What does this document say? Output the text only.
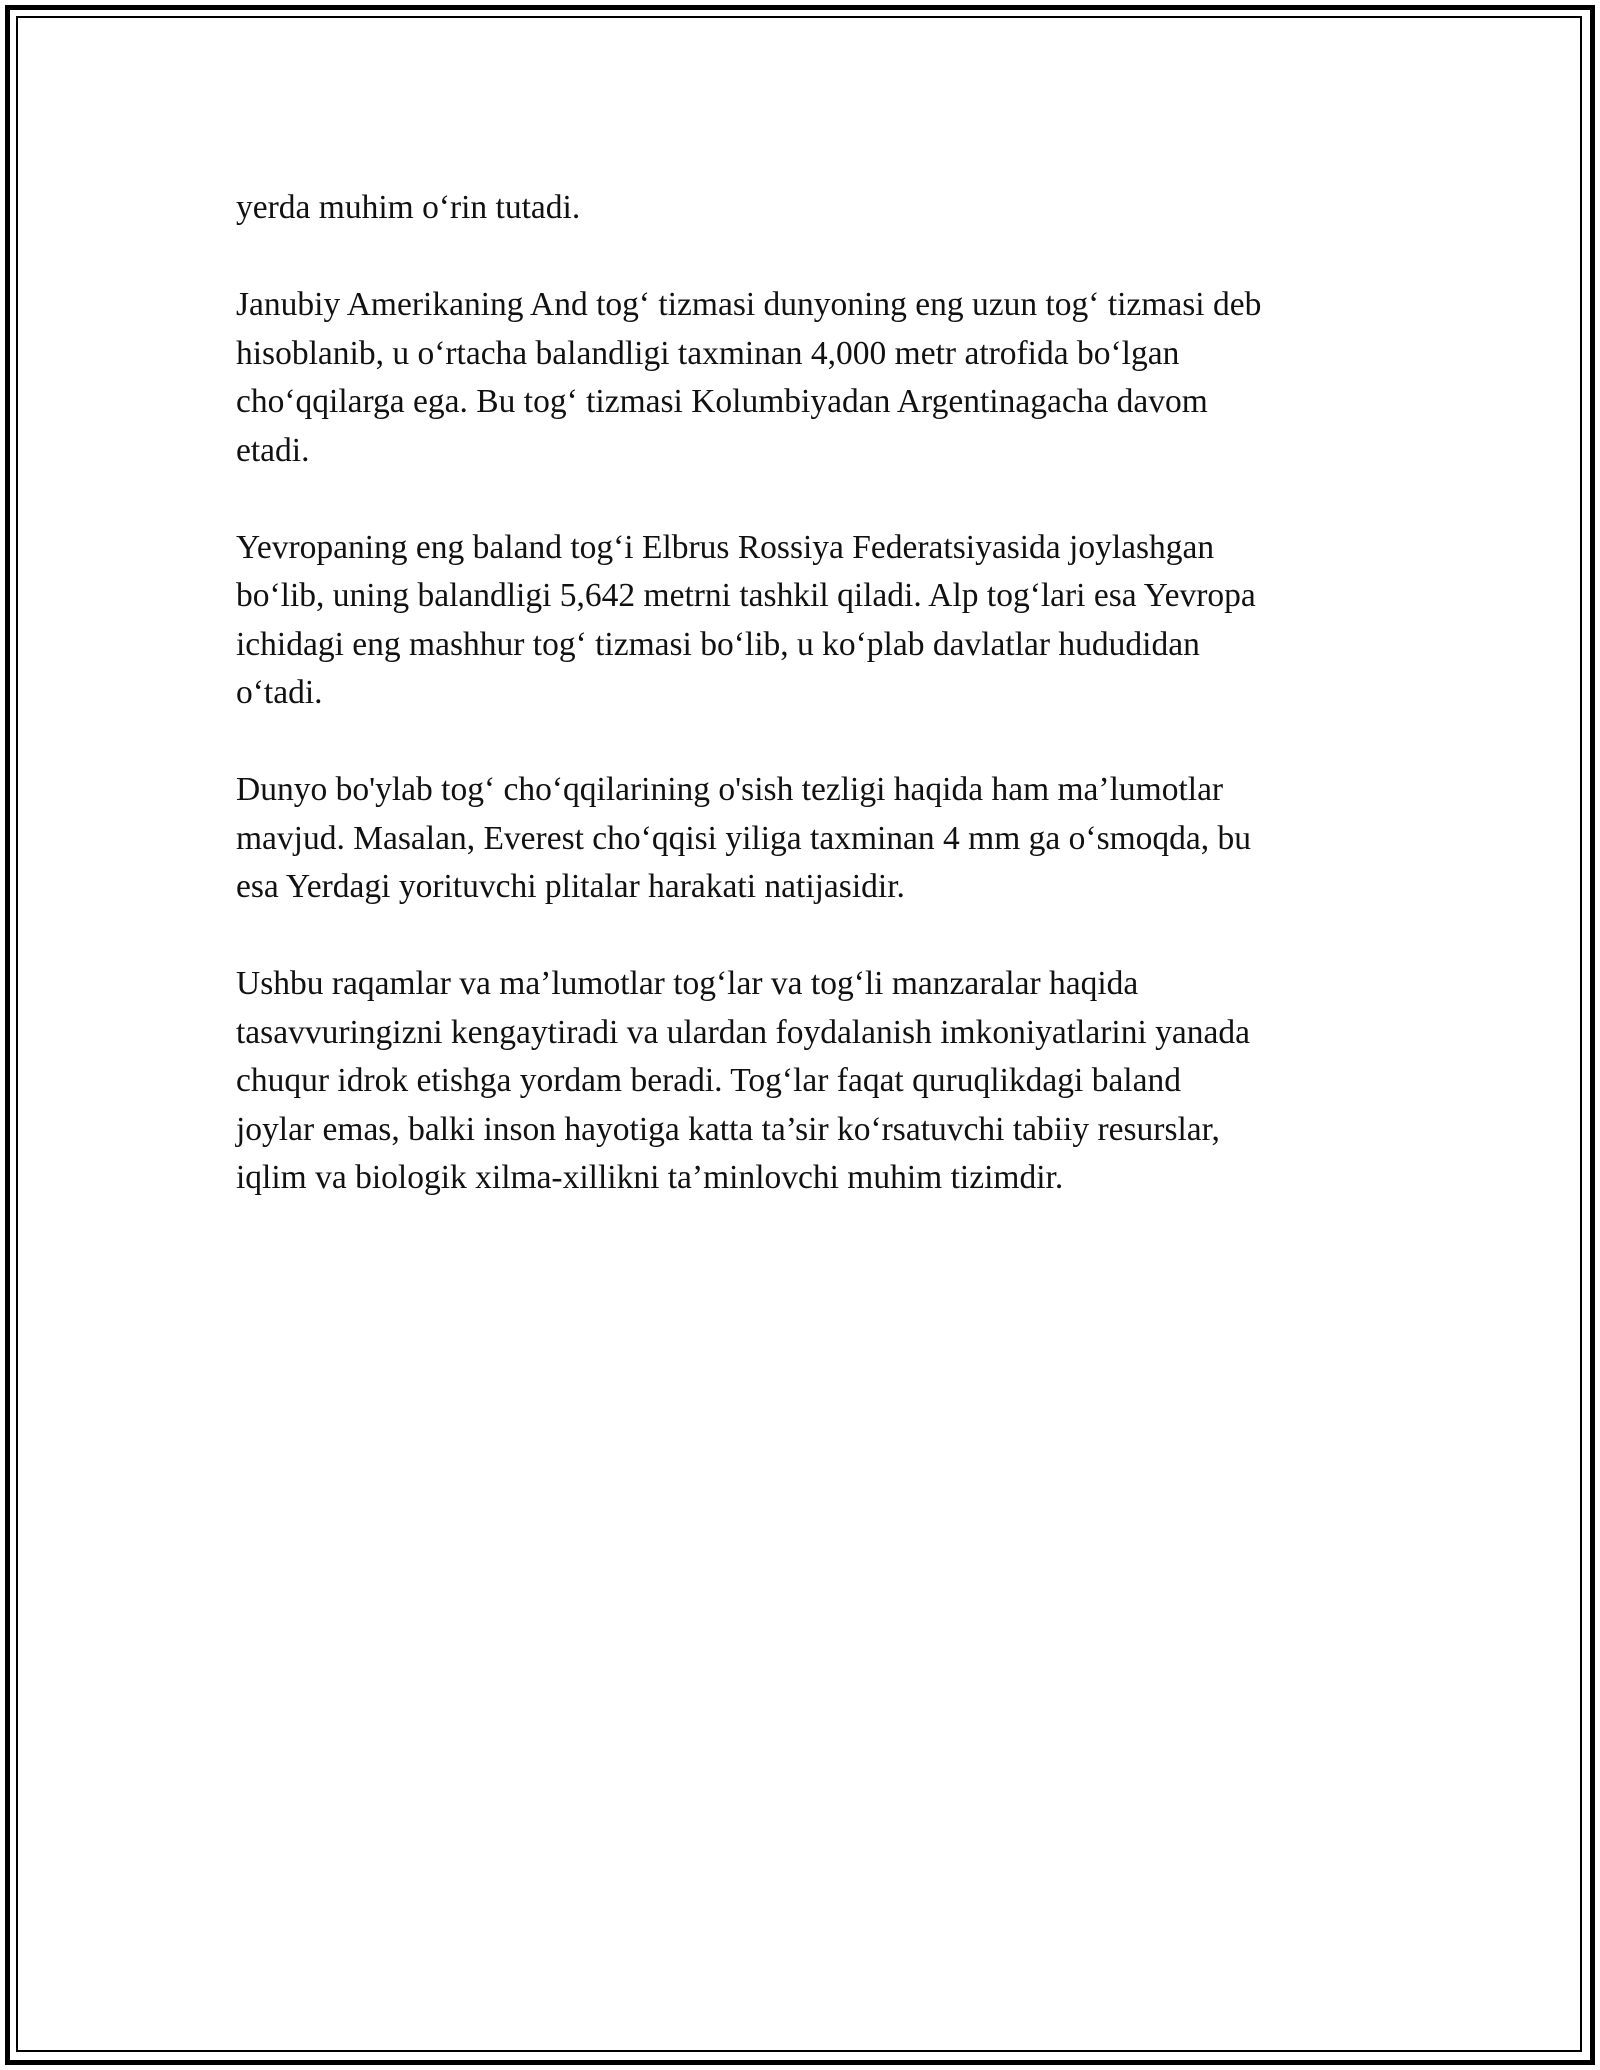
yerda muhim o‘rin tutadi.

Janubiy Amerikaning And tog‘ tizmasi dunyoning eng uzun tog‘ tizmasi deb
hisoblanib, u o‘rtacha balandligi taxminan 4,000 metr atrofida bo‘lgan
cho‘qqilarga ega. Bu tog‘ tizmasi Kolumbiyadan Argentinagacha davom
etadi.

Yevropaning eng baland tog‘i Elbrus Rossiya Federatsiyasida joylashgan
bo‘lib, uning balandligi 5,642 metrni tashkil qiladi. Alp tog‘lari esa Yevropa
ichidagi eng mashhur tog‘ tizmasi bo‘lib, u ko‘plab davlatlar hududidan
o‘tadi.

Dunyo bo'ylab tog‘ cho‘qqilarining o'sish tezligi haqida ham ma’lumotlar
mavjud. Masalan, Everest cho‘qqisi yiliga taxminan 4 mm ga o‘smoqda, bu
esa Yerdagi yorituvchi plitalar harakati natijasidir.

Ushbu raqamlar va ma’lumotlar tog‘lar va tog‘li manzaralar haqida
tasavvuringizni kengaytiradi va ulardan foydalanish imkoniyatlarini yanada
chuqur idrok etishga yordam beradi. Tog‘lar faqat quruqlikdagi baland
joylar emas, balki inson hayotiga katta ta’sir ko‘rsatuvchi tabiiy resurslar,
iqlim va biologik xilma-xillikni ta’minlovchi muhim tizimdir.
